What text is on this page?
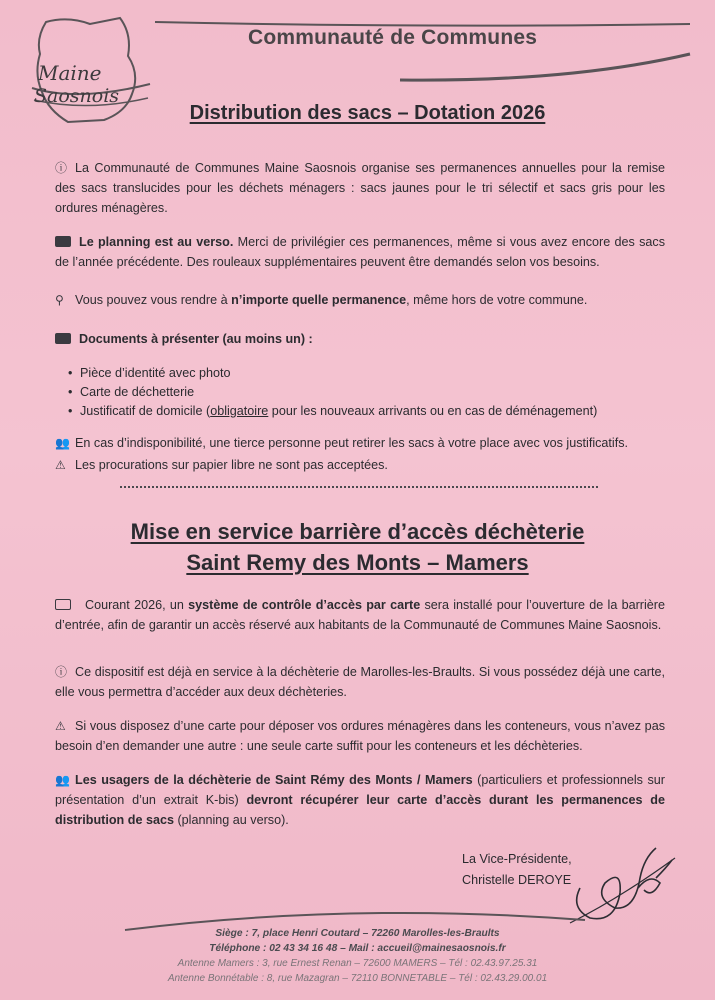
Maine
Saosnois
Communauté de Communes
Distribution des sacs – Dotation 2026
ⓘ La Communauté de Communes Maine Saosnois organise ses permanences annuelles pour la remise des sacs translucides pour les déchets ménagers : sacs jaunes pour le tri sélectif et sacs gris pour les ordures ménagères.
Le planning est au verso. Merci de privilégier ces permanences, même si vous avez encore des sacs de l’année précédente. Des rouleaux supplémentaires peuvent être demandés selon vos besoins.
⚲ Vous pouvez vous rendre à n’importe quelle permanence, même hors de votre commune.
Documents à présenter (au moins un) :
• Pièce d’identité avec photo
• Carte de déchetterie
• Justificatif de domicile (obligatoire pour les nouveaux arrivants ou en cas de déménagement)
👥 En cas d’indisponibilité, une tierce personne peut retirer les sacs à votre place avec vos justificatifs.
⚠ Les procurations sur papier libre ne sont pas acceptées.
Mise en service barrière d’accès déchèterie
Saint Remy des Monts – Mamers
Courant 2026, un système de contrôle d’accès par carte sera installé pour l’ouverture de la barrière d’entrée, afin de garantir un accès réservé aux habitants de la Communauté de Communes Maine Saosnois.
ⓘ Ce dispositif est déjà en service à la déchèterie de Marolles-les-Braults. Si vous possédez déjà une carte, elle vous permettra d’accéder aux deux déchèteries.
⚠ Si vous disposez d’une carte pour déposer vos ordures ménagères dans les conteneurs, vous n’avez pas besoin d’en demander une autre : une seule carte suffit pour les conteneurs et les déchèteries.
👥 Les usagers de la déchèterie de Saint Rémy des Monts / Mamers (particuliers et professionnels sur présentation d’un extrait K-bis) devront récupérer leur carte d’accès durant les permanences de distribution de sacs (planning au verso).
La Vice-Présidente,
Christelle DEROYE
Siège : 7, place Henri Coutard – 72260 Marolles-les-Braults
Téléphone : 02 43 34 16 48 – Mail : accueil@mainesaosnois.fr
Antenne Mamers : 3, rue Ernest Renan – 72600 MAMERS – Tél : 02.43.97.25.31
Antenne Bonnétable : 8, rue Mazagran – 72110 BONNETABLE – Tél : 02.43.29.00.01
